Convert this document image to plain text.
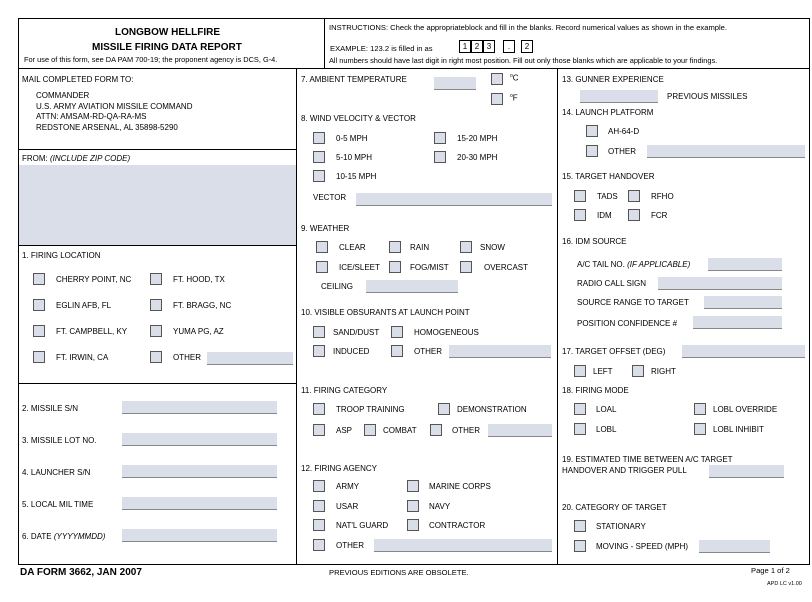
LONGBOW HELLFIRE
MISSILE FIRING DATA REPORT
For use of this form, see DA PAM 700-19; the proponent agency is DCS, G-4.
INSTRUCTIONS: Check the appropriateblock and fill in the blanks. Record numerical values as shown in the example.
EXAMPLE: 123.2 is filled in as	1 2 3	.	2
All numbers should have last digit in right most position. Fill out only those blanks which are applicable to your findings.
MAIL COMPLETED FORM TO:
COMMANDER
U.S. ARMY AVIATION MISSILE COMMAND
ATTN: AMSAM-RD-QA-RA-MS
REDSTONE ARSENAL, AL 35898-5290
FROM: (INCLUDE ZIP CODE)
1. FIRING LOCATION
CHERRY POINT, NC	FT. HOOD, TX
EGLIN AFB, FL	FT. BRAGG, NC
FT. CAMPBELL, KY	YUMA PG, AZ
FT. IRWIN, CA	OTHER
2. MISSILE S/N
3. MISSILE LOT NO.
4. LAUNCHER S/N
5. LOCAL MIL TIME
6. DATE (YYYYMMDD)
7. AMBIENT TEMPERATURE	$^o$C
$^o$F
8. WIND VELOCITY & VECTOR
0-5 MPH	15-20 MPH
5-10 MPH	20-30 MPH
10-15 MPH
VECTOR
9. WEATHER
CLEAR	RAIN	SNOW
ICE/SLEET	FOG/MIST	OVERCAST
CEILING
10. VISIBLE OBSURANTS AT LAUNCH POINT
SAND/DUST	HOMOGENEOUS
INDUCED	OTHER
11. FIRING CATEGORY
TROOP TRAINING	DEMONSTRATION
ASP	COMBAT	OTHER
12. FIRING AGENCY
ARMY	MARINE CORPS
USAR	NAVY
NAT'L GUARD	CONTRACTOR
OTHER
13. GUNNER EXPERIENCE
PREVIOUS MISSILES
14. LAUNCH PLATFORM
AH-64-D
OTHER
15. TARGET HANDOVER
TADS	RFHO
IDM	FCR
16. IDM SOURCE
A/C TAIL NO. (IF APPLICABLE)
RADIO CALL SIGN
SOURCE RANGE TO TARGET
POSITION CONFIDENCE #
17. TARGET OFFSET (DEG)
LEFT	RIGHT
18. FIRING MODE
LOAL	LOBL OVERRIDE
LOBL	LOBL INHIBIT
19. ESTIMATED TIME BETWEEN A/C TARGET
HANDOVER AND TRIGGER PULL
20. CATEGORY OF TARGET
STATIONARY
MOVING - SPEED (MPH)
DA FORM 3662, JAN 2007	PREVIOUS EDITIONS ARE OBSOLETE.	Page 1 of 2
APD LC v1.00
